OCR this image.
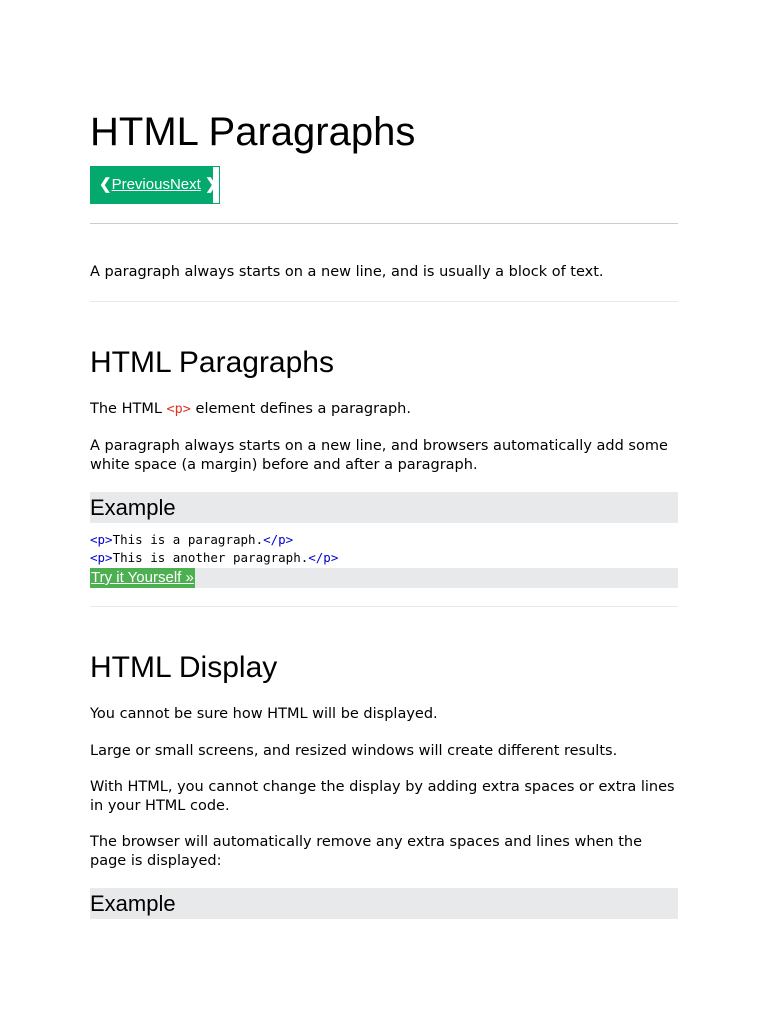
HTML Paragraphs
❮PreviousNext ❯

A paragraph always starts on a new line, and is usually a block of text.

HTML Paragraphs

The HTML <p> element defines a paragraph.

A paragraph always starts on a new line, and browsers automatically add some white space (a margin) before and after a paragraph.

Example
<p>This is a paragraph.</p>
<p>This is another paragraph.</p>
Try it Yourself »
HTML Display

You cannot be sure how HTML will be displayed.

Large or small screens, and resized windows will create different results.

With HTML, you cannot change the display by adding extra spaces or extra lines in your HTML code.

The browser will automatically remove any extra spaces and lines when the page is displayed:

Example
